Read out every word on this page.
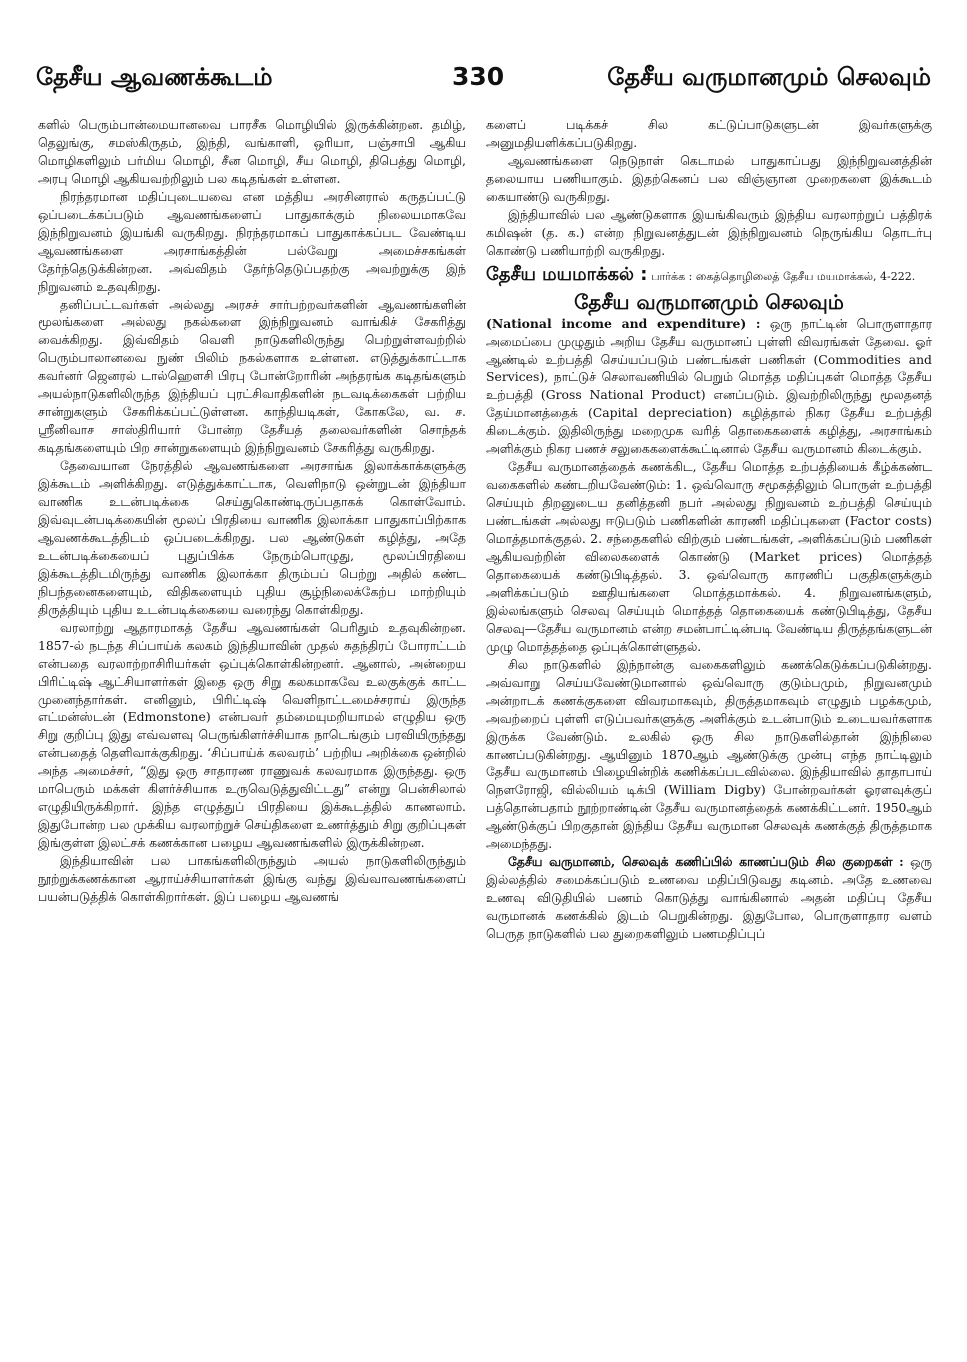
தேசீய ஆவணக்கூடம்	330	தேசீய வருமானமும் செலவும்

களில் பெரும்பான்மையானவை பாரசீக மொழியில் இருக்கின்றன. தமிழ், தெலுங்கு, சமஸ்கிருதம், இந்தி, வங்காளி, ஒரியா, பஞ்சாபி ஆகிய மொழிகளிலும் பர்மிய மொழி, சீன மொழி, சீய மொழி, திபெத்து மொழி, அரபு மொழி ஆகியவற்றிலும் பல கடிதங்கள் உள்ளன.

நிரந்தரமான மதிப்புடையவை என மத்திய அரசினரால் கருதப்பட்டு ஒப்படைக்கப்படும் ஆவணங்களைப் பாதுகாக்கும் நிலையமாகவே இந்நிறுவனம் இயங்கி வருகிறது. நிரந்தரமாகப் பாதுகாக்கப்பட வேண்டிய ஆவணங்களை அரசாங்கத்தின் பல்வேறு அமைச்சகங்கள் தேர்ந்தெடுக்கின்றன. அவ்விதம் தேர்ந்தெடுப்பதற்கு அவற்றுக்கு இந் நிறுவனம் உதவுகிறது.

தனிப்பட்டவர்கள் அல்லது அரசச் சார்பற்றவர்களின் ஆவணங்களின் மூலங்களை அல்லது நகல்களை இந்நிறுவனம் வாங்கிச் சேகரித்து வைக்கிறது. இவ்விதம் வெளி நாடுகளிலிருந்து பெற்றுள்ளவற்றில் பெரும்பாலானவை நுண் பிலிம் நகல்களாக உள்ளன. எடுத்துக்காட்டாக கவர்னர் ஜெனரல் டால்ஹௌசி பிரபு போன்றோரின் அந்தரங்க கடிதங்களும் அயல்நாடுகளிலிருந்த இந்தியப் புரட்சிவாதிகளின் நடவடிக்கைகள் பற்றிய சான்றுகளும் சேகரிக்கப்பட்டுள்ளன. காந்தியடிகள், கோகலே, வ. ச. ஸ்ரீனிவாச சாஸ்திரியார் போன்ற தேசீயத் தலைவர்களின் சொந்தக் கடிதங்களையும் பிற சான்றுகளையும் இந்நிறுவனம் சேகரித்து வருகிறது.

தேவையான நேரத்தில் ஆவணங்களை அரசாங்க இலாக்காக்களுக்கு இக்கூடம் அளிக்கிறது. எடுத்துக்காட்டாக, வெளிநாடு ஒன்றுடன் இந்தியா வாணிக உடன்படிக்கை செய்துகொண்டிருப்பதாகக் கொள்வோம். இவ்வுடன்படிக்கையின் மூலப் பிரதியை வாணிக இலாக்கா பாதுகாப்பிற்காக ஆவணக்கூடத்திடம் ஒப்படைக்கிறது. பல ஆண்டுகள் கழித்து, அதே உடன்படிக்கையைப் புதுப்பிக்க நேரும்பொழுது, மூலப்பிரதியை இக்கூடத்திடமிருந்து வாணிக இலாக்கா திரும்பப் பெற்று அதில் கண்ட நிபந்தனைகளையும், விதிகளையும் புதிய சூழ்நிலைக்கேற்ப மாற்றியும் திருத்தியும் புதிய உடன்படிக்கையை வரைந்து கொள்கிறது.

வரலாற்று ஆதாரமாகத் தேசீய ஆவணங்கள் பெரிதும் உதவுகின்றன. 1857-ல் நடந்த சிப்பாய்க் கலகம் இந்தியாவின் முதல் சுதந்திரப் போராட்டம் என்பதை வரலாற்றாசிரியர்கள் ஒப்புக்கொள்கின்றனர். ஆனால், அன்றைய பிரிட்டிஷ் ஆட்சியாளர்கள் இதை ஒரு சிறு கலகமாகவே உலகுக்குக் காட்ட முனைந்தார்கள். எனினும், பிரிட்டிஷ் வெளிநாட்டமைச்சராய் இருந்த எட்மன்ஸ்டன் (Edmonstone) என்பவர் தம்மையுமறியாமல் எழுதிய ஒரு சிறு குறிப்பு இது எவ்வளவு பெருங்கிளர்ச்சியாக நாடெங்கும் பரவியிருந்தது என்பதைத் தெளிவாக்குகிறது. ‘சிப்பாய்க் கலவரம்’ பற்றிய அறிக்கை ஒன்றில் அந்த அமைச்சர், “இது ஒரு சாதாரண ராணுவக் கலவரமாக இருந்தது. ஒரு மாபெரும் மக்கள் கிளர்ச்சியாக உருவெடுத்துவிட்டது” என்று பென்சிலால் எழுதியிருக்கிறார். இந்த எழுத்துப் பிரதியை இக்கூடத்தில் காணலாம். இதுபோன்ற பல முக்கிய வரலாற்றுச் செய்திகளை உணர்த்தும் சிறு குறிப்புகள் இங்குள்ள இலட்சக் கணக்கான பழைய ஆவணங்களில் இருக்கின்றன.

இந்தியாவின் பல பாகங்களிலிருந்தும் அயல் நாடுகளிலிருந்தும் நூற்றுக்கணக்கான ஆராய்ச்சியாளர்கள் இங்கு வந்து இவ்வாவணங்களைப் பயன்படுத்திக் கொள்கிறார்கள். இப் பழைய ஆவணங்

களைப் படிக்கச் சில கட்டுப்பாடுகளுடன் இவர்களுக்கு அனுமதியளிக்கப்படுகிறது.

ஆவணங்களை நெடுநாள் கெடாமல் பாதுகாப்பது இந்நிறுவனத்தின் தலையாய பணியாகும். இதற்கெனப் பல விஞ்ஞான முறைகளை இக்கூடம் கையாண்டு வருகிறது.

இந்தியாவில் பல ஆண்டுகளாக இயங்கிவரும் இந்திய வரலாற்றுப் பத்திரக் கமிஷன் (த. க.) என்ற நிறுவனத்துடன் இந்நிறுவனம் நெருங்கிய தொடர்பு கொண்டு பணியாற்றி வருகிறது.

தேசீய மயமாக்கல் : பார்க்க : கைத்தொழிலைத் தேசீய மயமாக்கல், 4-222.

தேசீய வருமானமும் செலவும்

(National income and expenditure) : ஒரு நாட்டின் பொருளாதார அமைப்பை முழுதும் அறிய தேசீய வருமானப் புள்ளி விவரங்கள் தேவை. ஓர் ஆண்டில் உற்பத்தி செய்யப்படும் பண்டங்கள் பணிகள் (Commodities and Services), நாட்டுச் செலாவணியில் பெறும் மொத்த மதிப்புகள் மொத்த தேசீய உற்பத்தி (Gross National Product) எனப்படும். இவற்றிலிருந்து மூலதனத் தேய்மானத்தைக் (Capital depreciation) கழித்தால் நிகர தேசீய உற்பத்தி கிடைக்கும். இதிலிருந்து மறைமுக வரித் தொகைகளைக் கழித்து, அரசாங்கம் அளிக்கும் நிகர பணச் சலுகைகளைக்கூட்டினால் தேசீய வருமானம் கிடைக்கும்.

தேசீய வருமானத்தைக் கணக்கிட, தேசீய மொத்த உற்பத்தியைக் கீழ்க்கண்ட வகைகளில் கண்டறியவேண்டும்: 1. ஒவ்வொரு சமூகத்திலும் பொருள் உற்பத்தி செய்யும் திறனுடைய தனித்தனி நபர் அல்லது நிறுவனம் உற்பத்தி செய்யும் பண்டங்கள் அல்லது ஈடுபடும் பணிகளின் காரணி மதிப்புகளை (Factor costs) மொத்தமாக்குதல். 2. சந்தைகளில் விற்கும் பண்டங்கள், அளிக்கப்படும் பணிகள் ஆகியவற்றின் விலைகளைக் கொண்டு (Market prices) மொத்தத் தொகையைக் கண்டுபிடித்தல். 3. ஒவ்வொரு காரணிப் பகுதிகளுக்கும் அளிக்கப்படும் ஊதியங்களை மொத்தமாக்கல். 4. நிறுவனங்களும், இல்லங்களும் செலவு செய்யும் மொத்தத் தொகையைக் கண்டுபிடித்து, தேசீய செலவு—தேசீய வருமானம் என்ற சமன்பாட்டின்படி வேண்டிய திருத்தங்களுடன் முழு மொத்தத்தை ஒப்புக்கொள்ளுதல்.

சில நாடுகளில் இந்நான்கு வகைகளிலும் கணக்கெடுக்கப்படுகின்றது. அவ்வாறு செய்யவேண்டுமானால் ஒவ்வொரு குடும்பமும், நிறுவனமும் அன்றாடக் கணக்குகளை விவரமாகவும், திருத்தமாகவும் எழுதும் பழக்கமும், அவற்றைப் புள்ளி எடுப்பவர்களுக்கு அளிக்கும் உடன்பாடும் உடையவர்களாக இருக்க வேண்டும். உலகில் ஒரு சில நாடுகளில்தான் இந்நிலை காணப்படுகின்றது. ஆயினும் 1870ஆம் ஆண்டுக்கு முன்பு எந்த நாட்டிலும் தேசீய வருமானம் பிழையின்றிக் கணிக்கப்படவில்லை. இந்தியாவில் தாதாபாய் நௌரோஜி, வில்லியம் டிக்பி (William Digby) போன்றவர்கள் ஓரளவுக்குப் பத்தொன்பதாம் நூற்றாண்டின் தேசீய வருமானத்தைக் கணக்கிட்டனர். 1950ஆம் ஆண்டுக்குப் பிறகுதான் இந்திய தேசீய வருமான செலவுக் கணக்குத் திருத்தமாக அமைந்தது.

தேசீய வருமானம், செலவுக் கணிப்பில் காணப்படும் சில குறைகள் : ஒரு இல்லத்தில் சமைக்கப்படும் உணவை மதிப்பிடுவது கடினம். அதே உணவை உணவு விடுதியில் பணம் கொடுத்து வாங்கினால் அதன் மதிப்பு தேசீய வருமானக் கணக்கில் இடம் பெறுகின்றது. இதுபோல, பொருளாதார வளம் பெருத நாடுகளில் பல துறைகளிலும் பணமதிப்புப்
